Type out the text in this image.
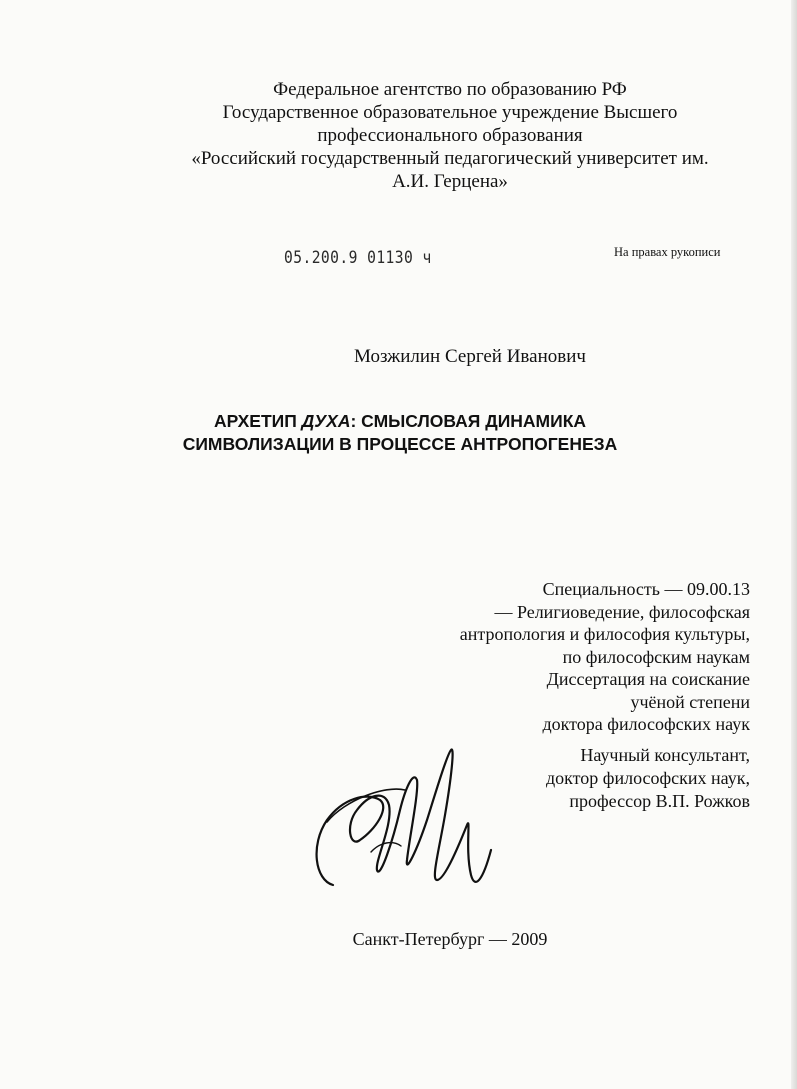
Федеральное агентство по образованию РФ
Государственное образовательное учреждение Высшего
профессионального образования
«Российский государственный педагогический университет им.
А.И. Герцена»
05.200.9 01130 ч	На правах рукописи
Мозжилин Сергей Иванович
АРХЕТИП ДУХА: СМЫСЛОВАЯ ДИНАМИКА
СИМВОЛИЗАЦИИ В ПРОЦЕССЕ АНТРОПОГЕНЕЗА
Специальность — 09.00.13
— Религиоведение, философская
антропология и философия культуры,
по философским наукам
Диссертация на соискание
учёной степени
доктора философских наук
Научный консультант,
доктор философских наук,
профессор В.П. Рожков
Санкт-Петербург — 2009
